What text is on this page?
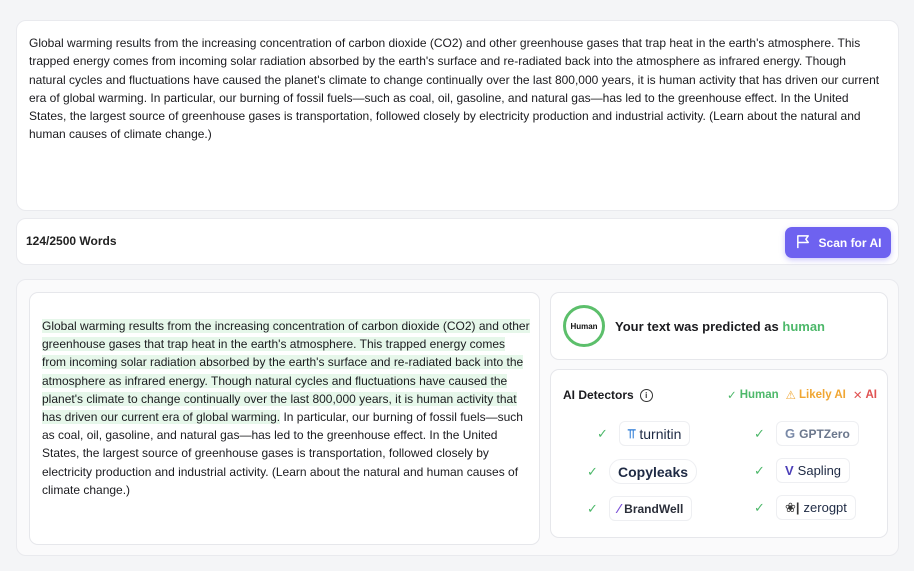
Global warming results from the increasing concentration of carbon dioxide (CO2) and other greenhouse gases that trap heat in the earth's atmosphere. This trapped energy comes from incoming solar radiation absorbed by the earth's surface and re-radiated back into the atmosphere as infrared energy. Though natural cycles and fluctuations have caused the planet's climate to change continually over the last 800,000 years, it is human activity that has driven our current era of global warming. In particular, our burning of fossil fuels—such as coal, oil, gasoline, and natural gas—has led to the greenhouse effect. In the United States, the largest source of greenhouse gases is transportation, followed closely by electricity production and industrial activity. (Learn about the natural and human causes of climate change.)
124/2500 Words	Scan for AI
Global warming results from the increasing concentration of carbon dioxide (CO2) and other greenhouse gases that trap heat in the earth's atmosphere. This trapped energy comes from incoming solar radiation absorbed by the earth's surface and re-radiated back into the atmosphere as infrared energy. Though natural cycles and fluctuations have caused the planet's climate to change continually over the last 800,000 years, it is human activity that has driven our current era of global warming. In particular, our burning of fossil fuels—such as coal, oil, gasoline, and natural gas—has led to the greenhouse effect. In the United States, the largest source of greenhouse gases is transportation, followed closely by electricity production and industrial activity. (Learn about the natural and human causes of climate change.)
Human	Your text was predicted as human
AI Detectors	i	✓ Human ⚠ Likely AI ✕ AI
✓ ⫪ turnitin	✓ G GPTZero
✓ Copyleaks	✓ V Sapling
✓ ∕ BrandWell	✓ ❀| zerogpt
